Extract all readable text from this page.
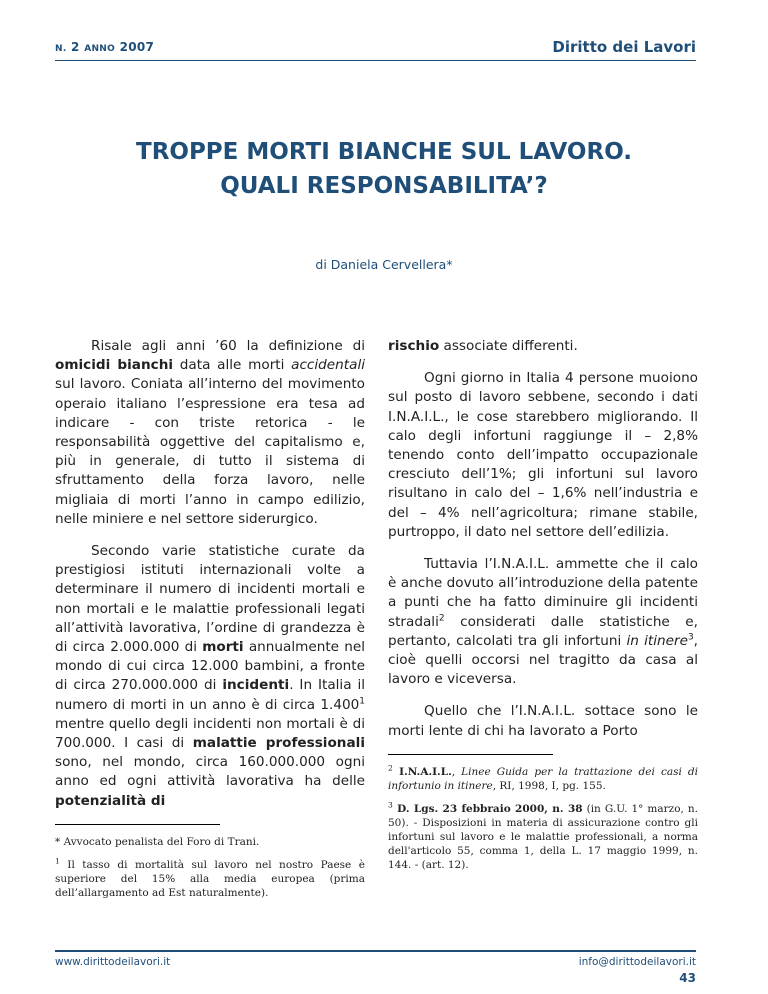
N. 2 ANNO 2007	Diritto dei Lavori
TROPPE MORTI BIANCHE SUL LAVORO.
QUALI RESPONSABILITA’?
di Daniela Cervellera*

Risale agli anni ’60 la definizione di omicidi bianchi data alle morti accidentali sul lavoro. Coniata all’interno del movimento operaio italiano l’espressione era tesa ad indicare - con triste retorica - le responsabilità oggettive del capitalismo e, più in generale, di tutto il sistema di sfruttamento della forza lavoro, nelle migliaia di morti l’anno in campo edilizio, nelle miniere e nel settore siderurgico.

Secondo varie statistiche curate da prestigiosi istituti internazionali volte a determinare il numero di incidenti mortali e non mortali e le malattie professionali legati all’attività lavorativa, l’ordine di grandezza è di circa 2.000.000 di morti annualmente nel mondo di cui circa 12.000 bambini, a fronte di circa 270.000.000 di incidenti. In Italia il numero di morti in un anno è di circa 1.400$^1$ mentre quello degli incidenti non mortali è di 700.000. I casi di malattie professionali sono, nel mondo, circa 160.000.000 ogni anno ed ogni attività lavorativa ha delle potenzialità di

* Avvocato penalista del Foro di Trani.
$^1$ Il tasso di mortalità sul lavoro nel nostro Paese è superiore del 15% alla media europea (prima dell’allargamento ad Est naturalmente).

rischio associate differenti.

Ogni giorno in Italia 4 persone muoiono sul posto di lavoro sebbene, secondo i dati I.N.A.I.L., le cose starebbero migliorando. Il calo degli infortuni raggiunge il – 2,8% tenendo conto dell’impatto occupazionale cresciuto dell’1%; gli infortuni sul lavoro risultano in calo del – 1,6% nell’industria e del – 4% nell’agricoltura; rimane stabile, purtroppo, il dato nel settore dell’edilizia.

Tuttavia l’I.N.A.I.L. ammette che il calo è anche dovuto all’introduzione della patente a punti che ha fatto diminuire gli incidenti stradali$^2$ considerati dalle statistiche e, pertanto, calcolati tra gli infortuni in itinere$^3$, cioè quelli occorsi nel tragitto da casa al lavoro e viceversa.

Quello che l’I.N.A.I.L. sottace sono le morti lente di chi ha lavorato a Porto

$^2$ I.N.A.I.L., Linee Guida per la trattazione dei casi di infortunio in itinere, RI, 1998, I, pg. 155.
$^3$ D. Lgs. 23 febbraio 2000, n. 38 (in G.U. 1° marzo, n. 50). - Disposizioni in materia di assicurazione contro gli infortuni sul lavoro e le malattie professionali, a norma dell'articolo 55, comma 1, della L. 17 maggio 1999, n. 144. - (art. 12).
www.dirittodeilavori.it	info@dirittodeilavori.it
43
